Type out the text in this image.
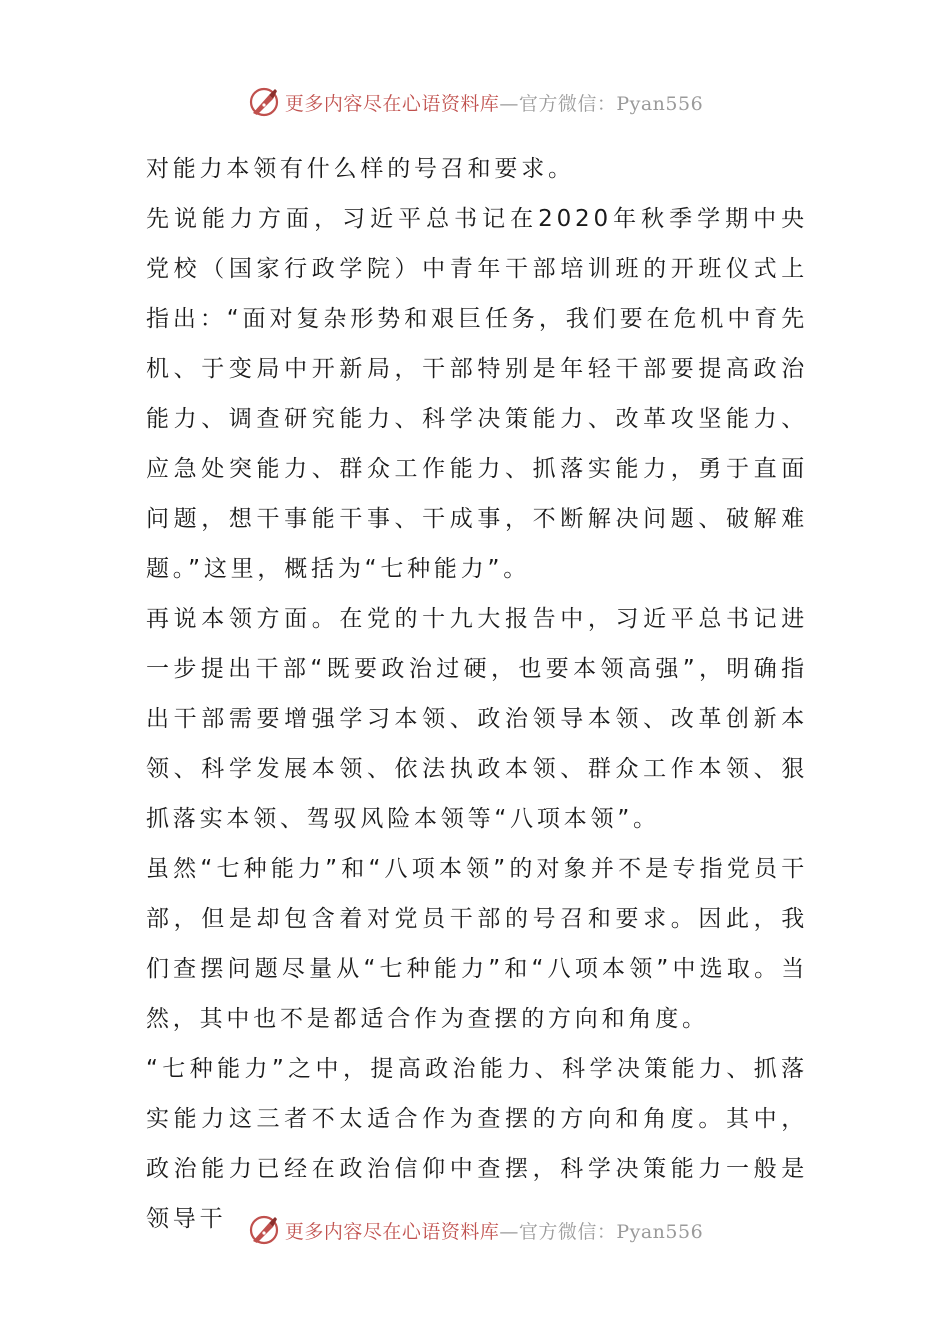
更多内容尽在心语资料库—官方微信：Pyan556

对能力本领有什么样的号召和要求。

先说能力方面，习近平总书记在2020年秋季学期中央党校（国家行政学院）中青年干部培训班的开班仪式上指出：“面对复杂形势和艰巨任务，我们要在危机中育先机、于变局中开新局，干部特别是年轻干部要提高政治能力、调查研究能力、科学决策能力、改革攻坚能力、应急处突能力、群众工作能力、抓落实能力，勇于直面问题，想干事能干事、干成事，不断解决问题、破解难题。”这里，概括为“七种能力”。

再说本领方面。在党的十九大报告中，习近平总书记进一步提出干部“既要政治过硬，也要本领高强”，明确指出干部需要增强学习本领、政治领导本领、改革创新本领、科学发展本领、依法执政本领、群众工作本领、狠抓落实本领、驾驭风险本领等“八项本领”。

虽然“七种能力”和“八项本领”的对象并不是专指党员干部，但是却包含着对党员干部的号召和要求。因此，我们查摆问题尽量从“七种能力”和“八项本领”中选取。当然，其中也不是都适合作为查摆的方向和角度。

“七种能力”之中，提高政治能力、科学决策能力、抓落实能力这三者不太适合作为查摆的方向和角度。其中，政治能力已经在政治信仰中查摆，科学决策能力一般是领导干	更多内容尽在心语资料库—官方微信：Pyan556
